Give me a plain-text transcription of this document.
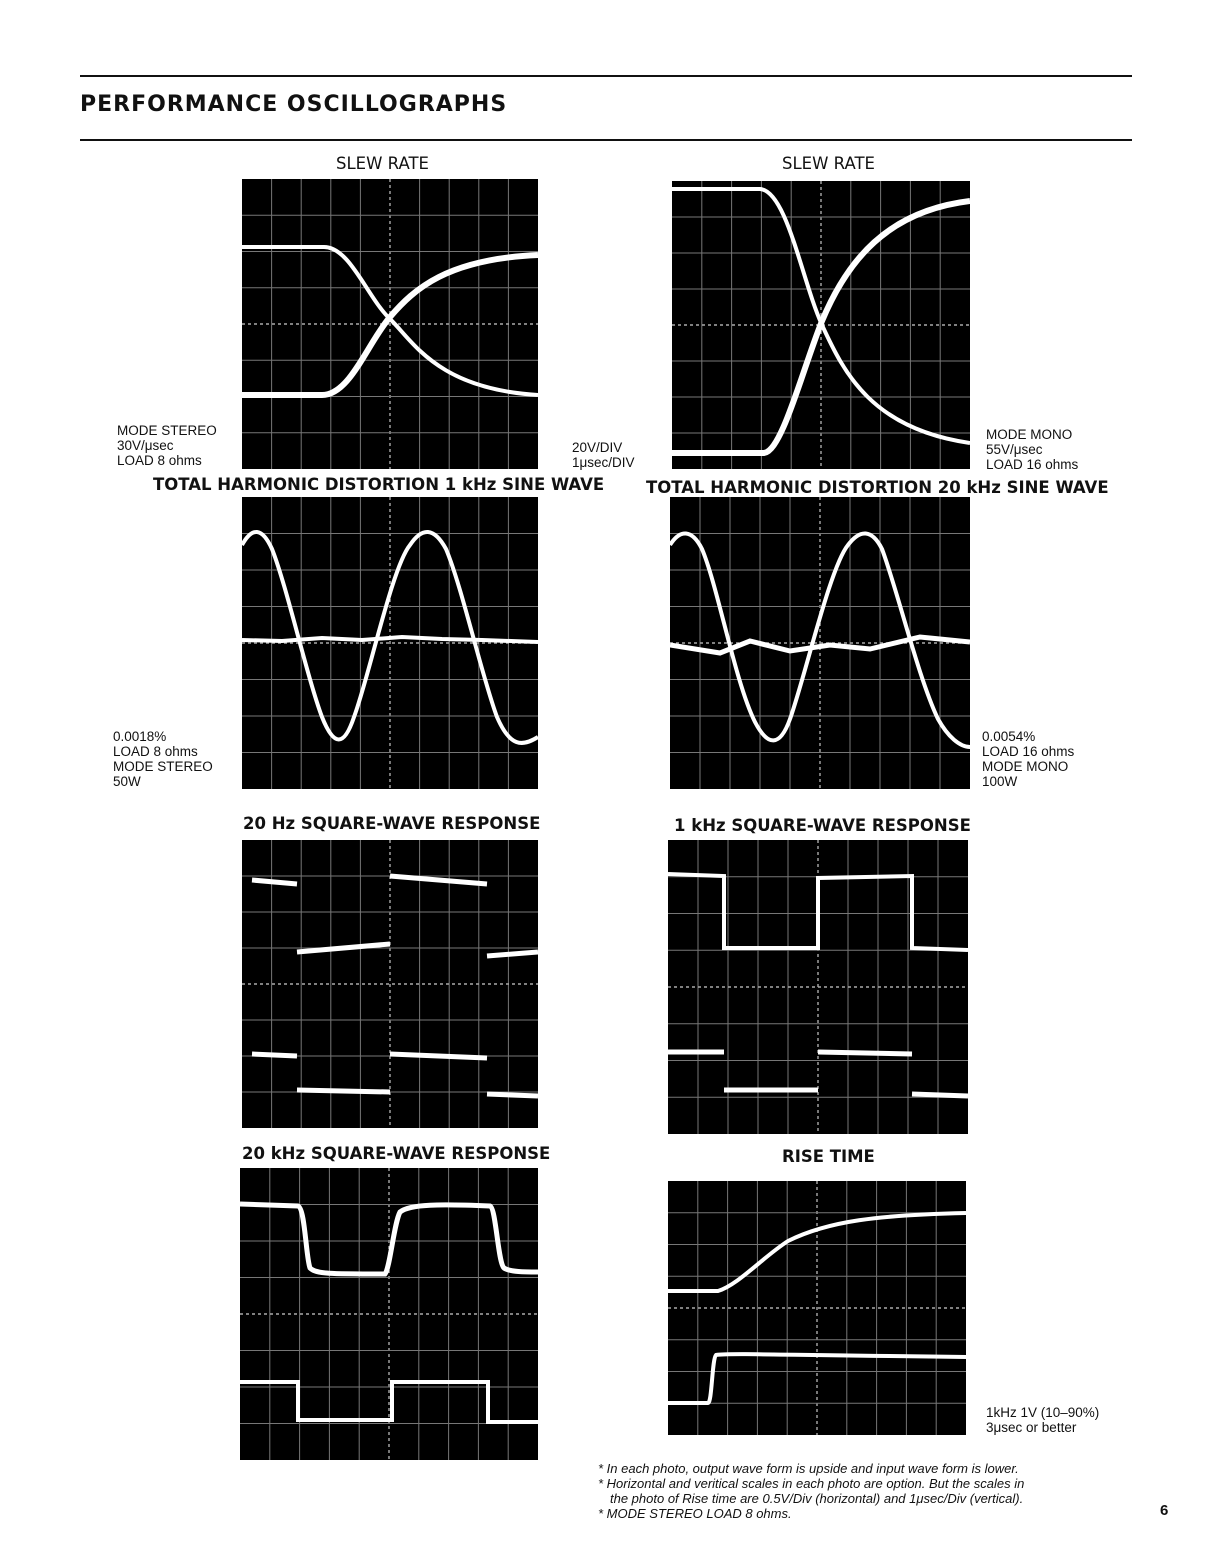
PERFORMANCE OSCILLOGRAPHS
SLEW RATE	SLEW RATE
MODE STEREO
30V/μsec
LOAD 8 ohms
20V/DIV
1μsec/DIV
MODE MONO
55V/μsec
LOAD 16 ohms
TOTAL HARMONIC DISTORTION 1 kHz SINE WAVE	TOTAL HARMONIC DISTORTION 20 kHz SINE WAVE
0.0018%
LOAD 8 ohms
MODE STEREO
50W
0.0054%
LOAD 16 ohms
MODE MONO
100W
20 Hz SQUARE-WAVE RESPONSE	1 kHz SQUARE-WAVE RESPONSE
20 kHz SQUARE-WAVE RESPONSE	RISE TIME
1kHz 1V (10–90%)
3μsec or better
* In each photo, output wave form is upside and input wave form is lower.
* Horizontal and veritical scales in each photo are option. But the scales in
the photo of Rise time are 0.5V/Div (horizontal) and 1μsec/Div (vertical).
* MODE STEREO LOAD 8 ohms.	6
